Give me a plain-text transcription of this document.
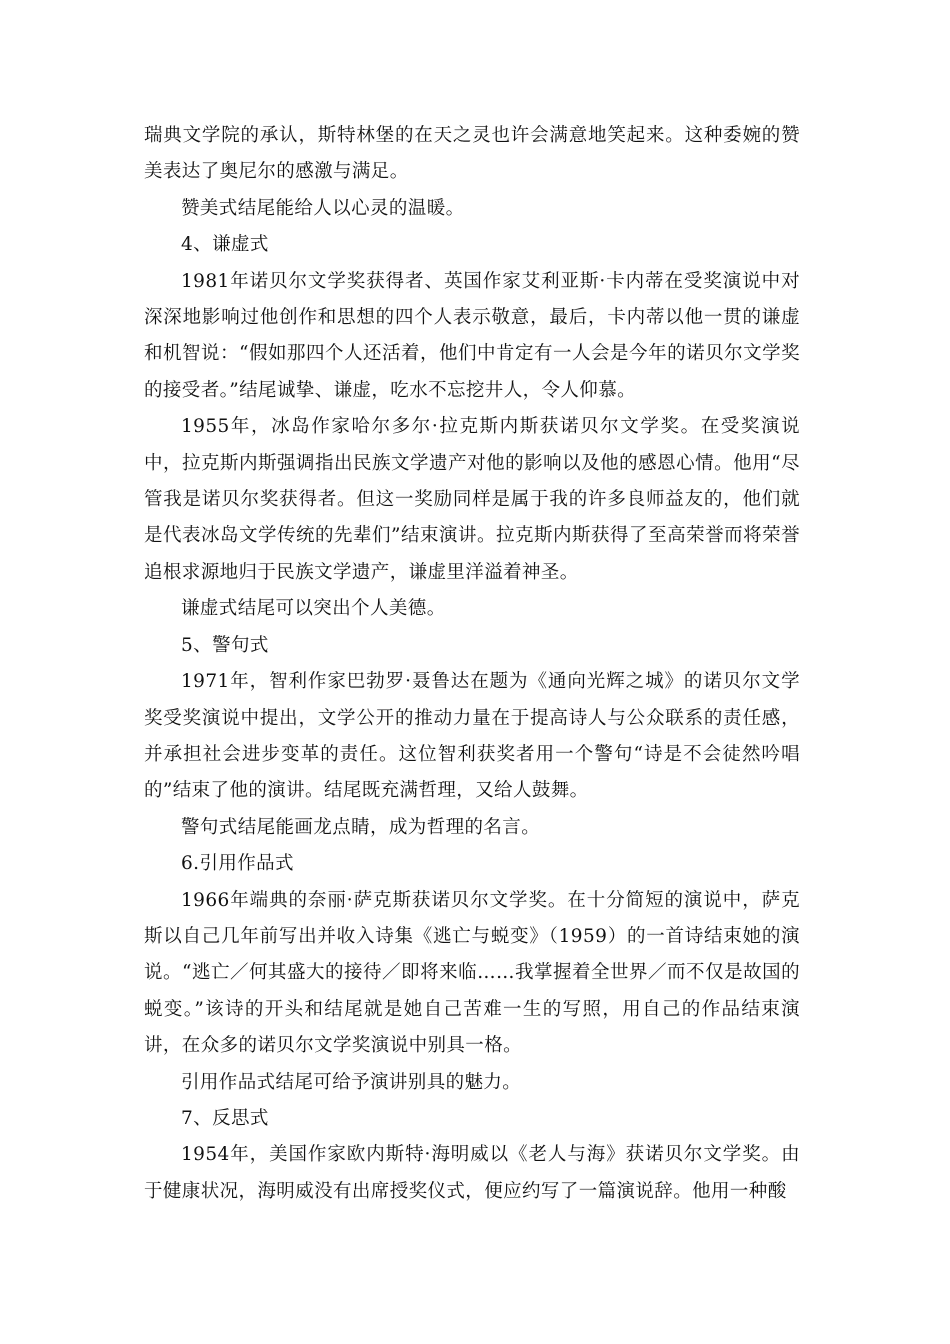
瑞典文学院的承认，斯特林堡的在天之灵也许会满意地笑起来。这种委婉的赞美表达了奥尼尔的感激与满足。

赞美式结尾能给人以心灵的温暖。

4、谦虚式

1981年诺贝尔文学奖获得者、英国作家艾利亚斯·卡内蒂在受奖演说中对深深地影响过他创作和思想的四个人表示敬意，最后，卡内蒂以他一贯的谦虚和机智说：“假如那四个人还活着，他们中肯定有一人会是今年的诺贝尔文学奖的接受者。”结尾诚挚、谦虚，吃水不忘挖井人，令人仰慕。

1955年，冰岛作家哈尔多尔·拉克斯内斯获诺贝尔文学奖。在受奖演说中，拉克斯内斯强调指出民族文学遗产对他的影响以及他的感恩心情。他用“尽管我是诺贝尔奖获得者。但这一奖励同样是属于我的许多良师益友的，他们就是代表冰岛文学传统的先辈们”结束演讲。拉克斯内斯获得了至高荣誉而将荣誉追根求源地归于民族文学遗产，谦虚里洋溢着神圣。

谦虚式结尾可以突出个人美德。

5、警句式

1971年，智利作家巴勃罗·聂鲁达在题为《通向光辉之城》的诺贝尔文学奖受奖演说中提出，文学公开的推动力量在于提高诗人与公众联系的责任感，并承担社会进步变革的责任。这位智利获奖者用一个警句“诗是不会徒然吟唱的”结束了他的演讲。结尾既充满哲理，又给人鼓舞。

警句式结尾能画龙点睛，成为哲理的名言。

6.引用作品式

1966年端典的奈丽·萨克斯获诺贝尔文学奖。在十分简短的演说中，萨克斯以自己几年前写出并收入诗集《逃亡与蜕变》（1959）的一首诗结束她的演说。“逃亡／何其盛大的接待／即将来临……我掌握着全世界／而不仅是故国的蜕变。”该诗的开头和结尾就是她自己苦难一生的写照，用自己的作品结束演讲，在众多的诺贝尔文学奖演说中别具一格。

引用作品式结尾可给予演讲别具的魅力。

7、反思式

1954年，美国作家欧内斯特·海明威以《老人与海》获诺贝尔文学奖。由于健康状况，海明威没有出席授奖仪式，便应约写了一篇演说辞。他用一种酸
